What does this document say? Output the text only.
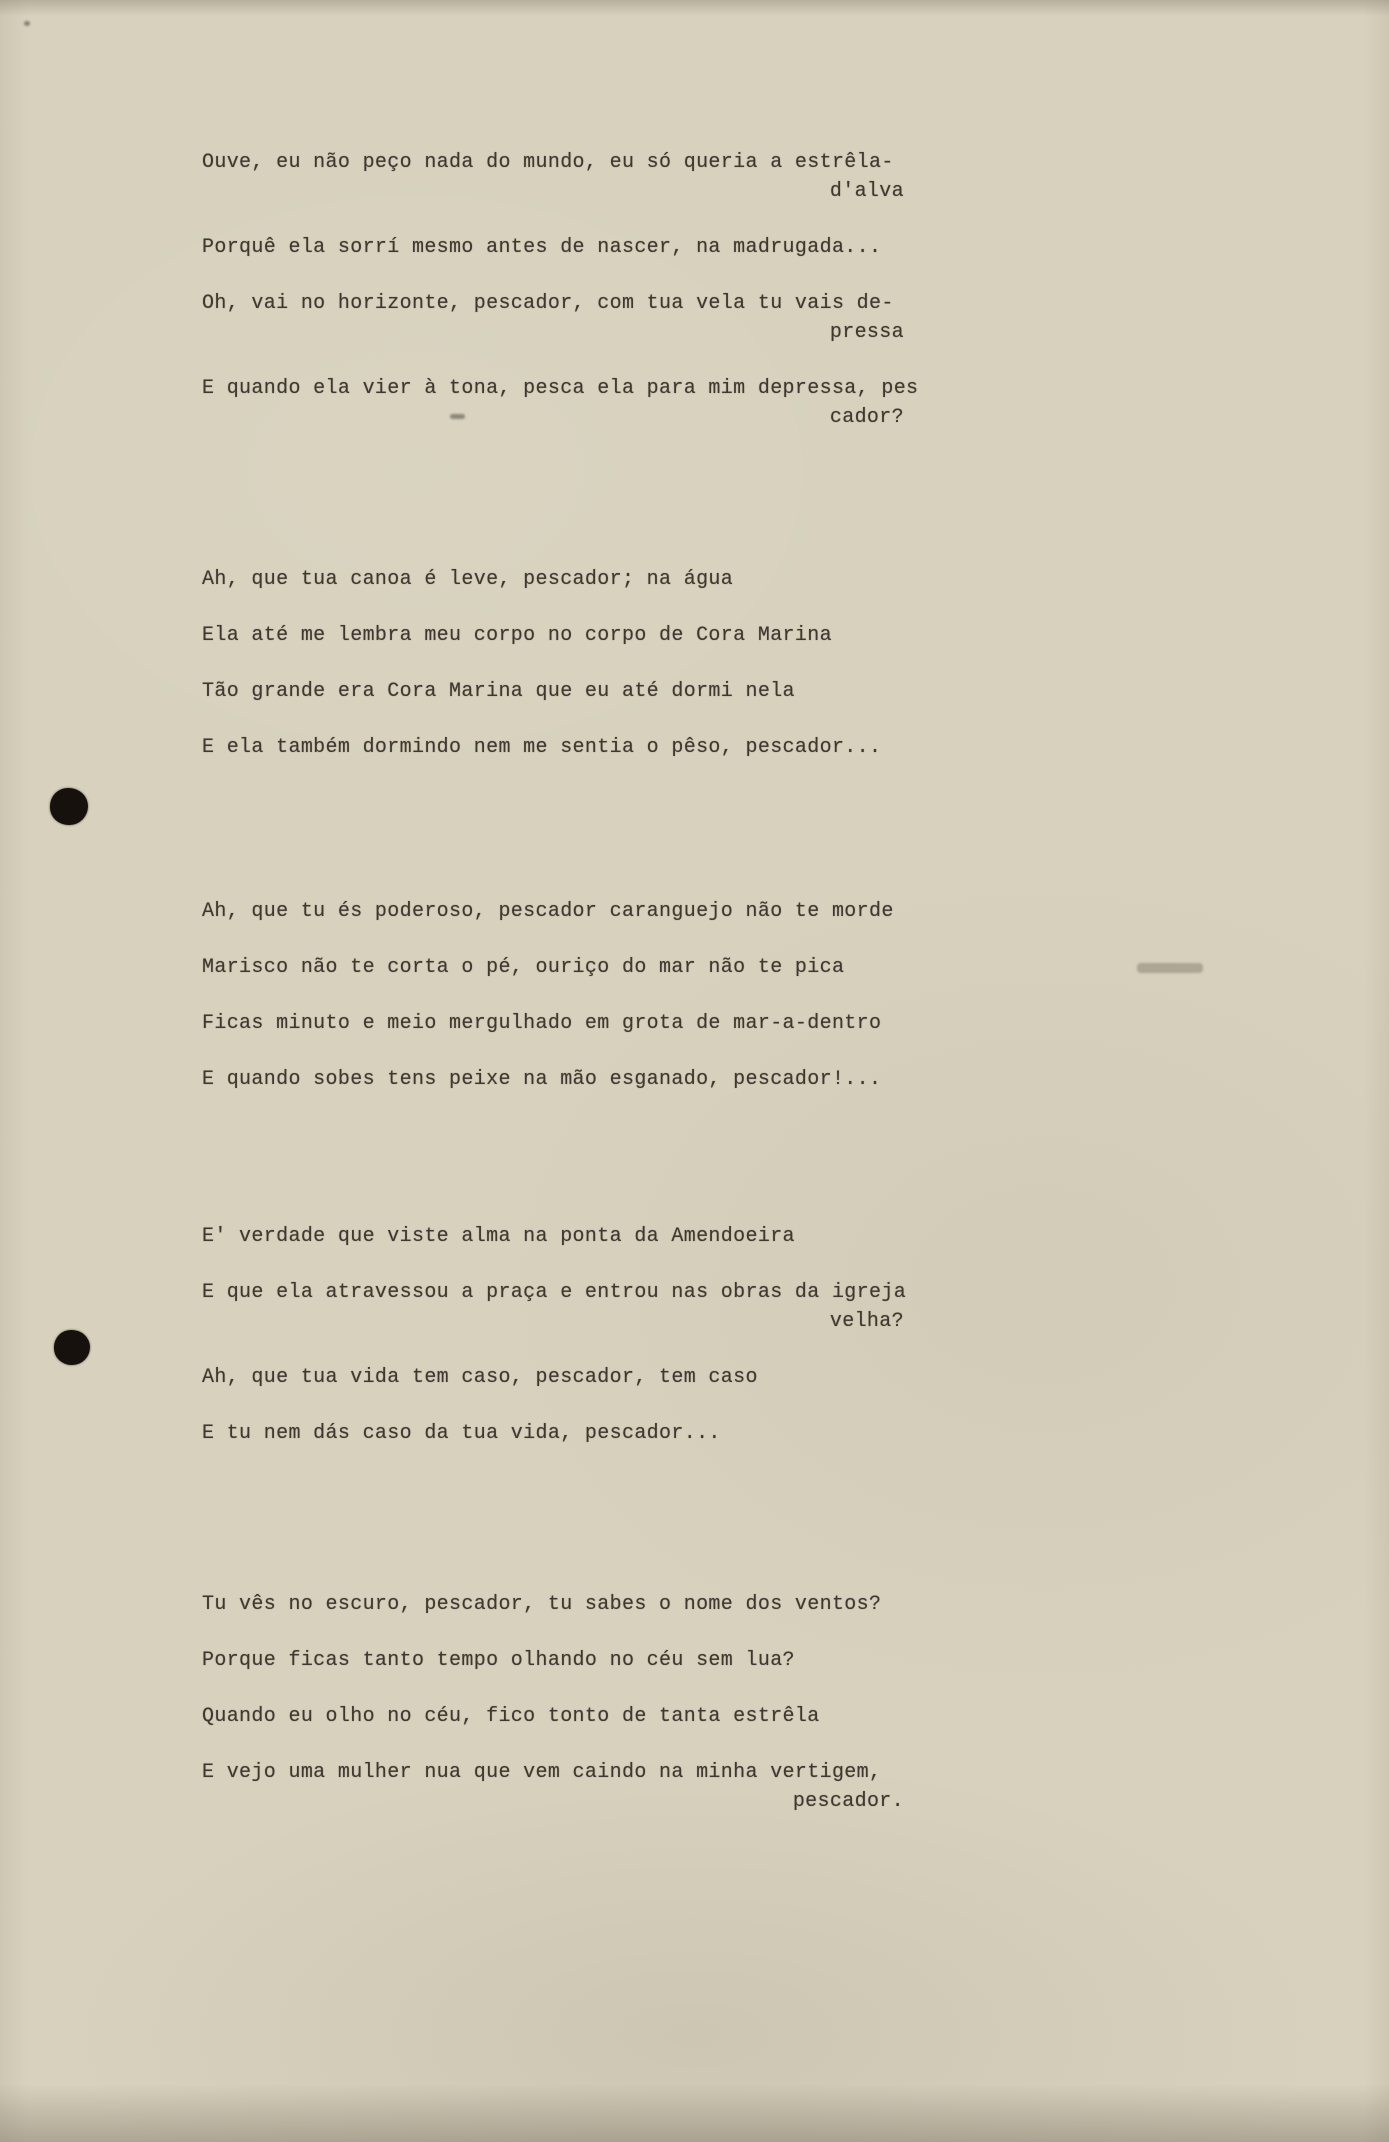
Ouve, eu não peço nada do mundo, eu só queria a estrêla-
d'alva
Porquê ela sorrí mesmo antes de nascer, na madrugada...
Oh, vai no horizonte, pescador, com tua vela tu vais de-
pressa
E quando ela vier à tona, pesca ela para mim depressa, pes
cador?
Ah, que tua canoa é leve, pescador; na água
Ela até me lembra meu corpo no corpo de Cora Marina
Tão grande era Cora Marina que eu até dormi nela
E ela também dormindo nem me sentia o pêso, pescador...
Ah, que tu és poderoso, pescador caranguejo não te morde
Marisco não te corta o pé, ouriço do mar não te pica
Ficas minuto e meio mergulhado em grota de mar-a-dentro
E quando sobes tens peixe na mão esganado, pescador!...
E' verdade que viste alma na ponta da Amendoeira
E que ela atravessou a praça e entrou nas obras da igreja
velha?
Ah, que tua vida tem caso, pescador, tem caso
E tu nem dás caso da tua vida, pescador...
Tu vês no escuro, pescador, tu sabes o nome dos ventos?
Porque ficas tanto tempo olhando no céu sem lua?
Quando eu olho no céu, fico tonto de tanta estrêla
E vejo uma mulher nua que vem caindo na minha vertigem,
pescador.
